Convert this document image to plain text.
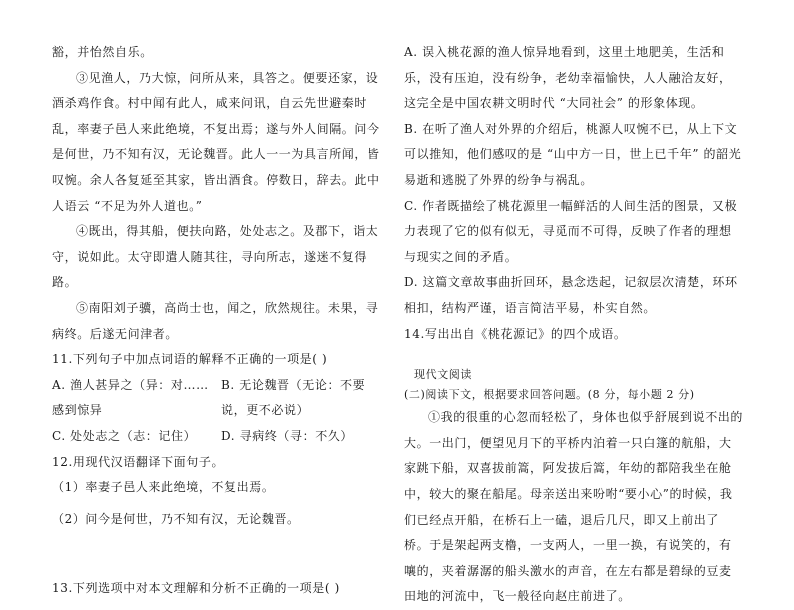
豁，并怡然自乐。

③见渔人，乃大惊，问所从来，具答之。便要还家，设酒杀鸡作食。村中闻有此人，咸来问讯，自云先世避秦时乱，率妻子邑人来此绝境，不复出焉；遂与外人间隔。问今是何世，乃不知有汉，无论魏晋。此人一一为具言所闻，皆叹惋。余人各复延至其家，皆出酒食。停数日，辞去。此中人语云 “不足为外人道也。”

④既出，得其船，便扶向路，处处志之。及郡下，诣太守，说如此。太守即遣人随其往，寻向所志，遂迷不复得路。

⑤南阳刘子骥，高尚士也，闻之，欣然规往。未果，寻病终。后遂无问津者。

11.下列句子中加点词语的解释不正确的一项是( )

A. 渔人甚异之（异：对……感到惊异
B. 无论魏晋（无论：不要说，更不必说）
C. 处处志之（志：记住）	D. 寻病终（寻：不久）

12.用现代汉语翻译下面句子。

（1）率妻子邑人来此绝境，不复出焉。

（2）问今是何世，乃不知有汉，无论魏晋。

13.下列选项中对本文理解和分析不正确的一项是( )

A. 误入桃花源的渔人惊异地看到，这里土地肥美，生活和乐，没有压迫，没有纷争，老幼幸福愉快，人人融洽友好，这完全是中国农耕文明时代 “大同社会” 的形象体现。

B. 在听了渔人对外界的介绍后，桃源人叹惋不已，从上下文可以推知，他们感叹的是 “山中方一日，世上已千年” 的韶光易逝和逃脱了外界的纷争与祸乱。

C. 作者既描绘了桃花源里一幅鲜活的人间生活的图景，又极力表现了它的似有似无，寻觅而不可得，反映了作者的理想与现实之间的矛盾。

D. 这篇文章故事曲折回环，悬念迭起，记叙层次清楚，环环相扣，结构严谨，语言简洁平易，朴实自然。

14.写出出自《桃花源记》的四个成语。

现代文阅读

(二)阅读下文，根据要求回答问题。(8 分，每小题 2 分)

①我的很重的心忽而轻松了，身体也似乎舒展到说不出的大。一出门，便望见月下的平桥内泊着一只白篷的航船，大家跳下船，双喜拔前篙，阿发拔后篙，年幼的都陪我坐在舱中，较大的聚在船尾。母亲送出来吩咐“要小心”的时候，我们已经点开船，在桥石上一磕，退后几尺，即又上前出了桥。于是架起两支橹，一支两人，一里一换，有说笑的，有嚷的，夹着潺潺的船头激水的声音，在左右都是碧绿的豆麦田地的河流中，飞一般径向赵庄前进了。
